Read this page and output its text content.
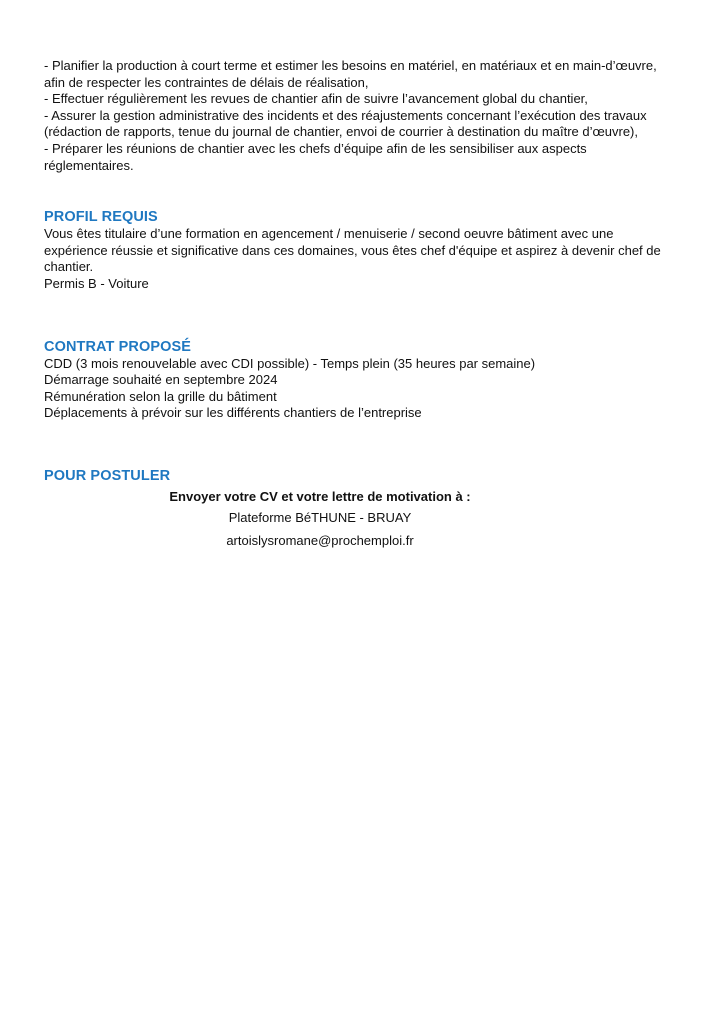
- Planifier la production à court terme et estimer les besoins en matériel, en matériaux et en main-d’œuvre,
afin de respecter les contraintes de délais de réalisation,
- Effectuer régulièrement les revues de chantier afin de suivre l’avancement global du chantier,
- Assurer la gestion administrative des incidents et des réajustements concernant l’exécution des travaux
(rédaction de rapports, tenue du journal de chantier, envoi de courrier à destination du maître d’œuvre),
- Préparer les réunions de chantier avec les chefs d’équipe afin de les sensibiliser aux aspects
réglementaires.
PROFIL REQUIS
Vous êtes titulaire d’une formation en agencement / menuiserie / second oeuvre bâtiment avec une
expérience réussie et significative dans ces domaines, vous êtes chef d'équipe et aspirez à devenir chef de
chantier.
Permis B - Voiture
CONTRAT PROPOSÉ
CDD (3 mois renouvelable avec CDI possible) - Temps plein (35 heures par semaine)
Démarrage souhaité en septembre 2024
Rémunération selon la grille du bâtiment
Déplacements à prévoir sur les différents chantiers de l’entreprise
POUR POSTULER
Envoyer votre CV et votre lettre de motivation à :
Plateforme BéTHUNE - BRUAY
artoislysromane@prochemploi.fr
